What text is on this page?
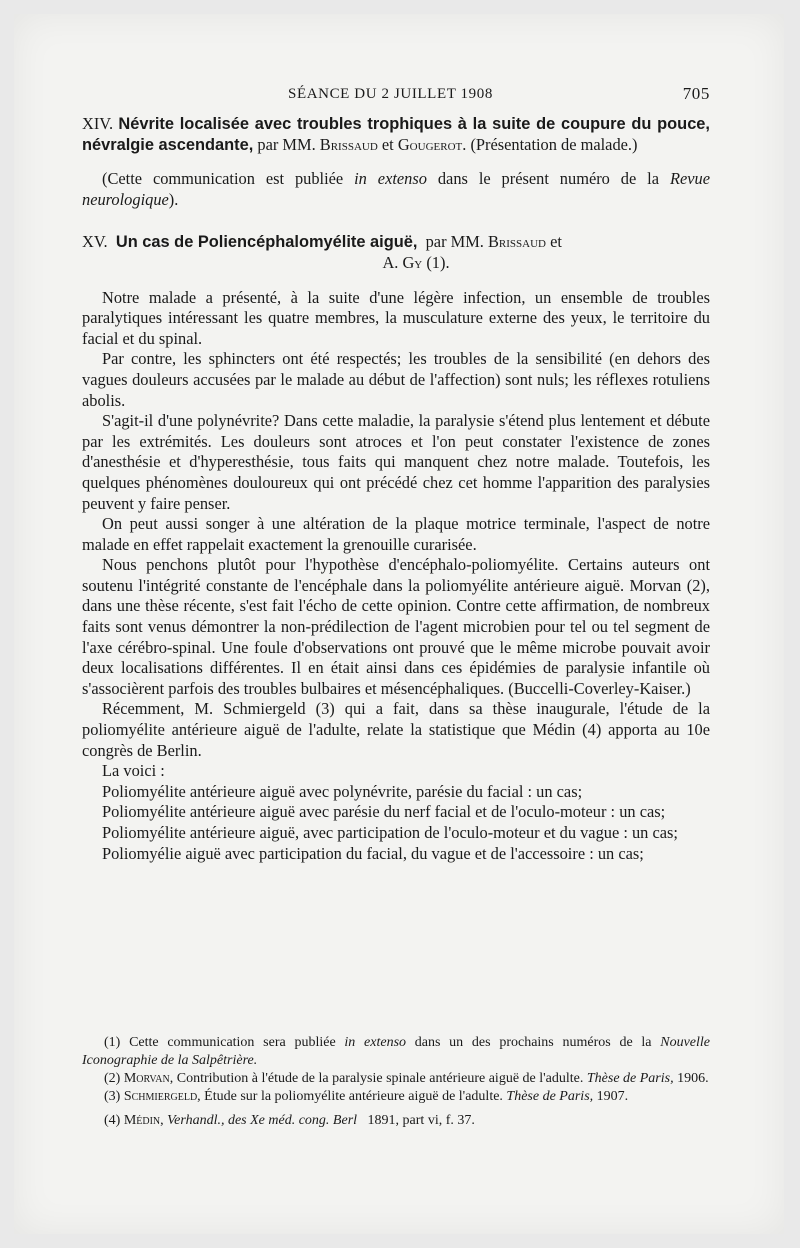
SÉANCE DU 2 JUILLET 1908	705

XIV. Névrite localisée avec troubles trophiques à la suite de coupure du pouce, névralgie ascendante, par MM. Brissaud et Gougerot. (Présentation de malade.)

(Cette communication est publiée in extenso dans le présent numéro de la Revue neurologique).

XV. Un cas de Poliencéphalomyélite aiguë, par MM. Brissaud et

A. Gy (1).

Notre malade a présenté, à la suite d'une légère infection, un ensemble de troubles paralytiques intéressant les quatre membres, la musculature externe des yeux, le territoire du facial et du spinal.

Par contre, les sphincters ont été respectés; les troubles de la sensibilité (en dehors des vagues douleurs accusées par le malade au début de l'affection) sont nuls; les réflexes rotuliens abolis.

S'agit-il d'une polynévrite? Dans cette maladie, la paralysie s'étend plus lentement et débute par les extrémités. Les douleurs sont atroces et l'on peut constater l'existence de zones d'anesthésie et d'hyperesthésie, tous faits qui manquent chez notre malade. Toutefois, les quelques phénomènes douloureux qui ont précédé chez cet homme l'apparition des paralysies peuvent y faire penser.

On peut aussi songer à une altération de la plaque motrice terminale, l'aspect de notre malade en effet rappelait exactement la grenouille curarisée.

Nous penchons plutôt pour l'hypothèse d'encéphalo-poliomyélite. Certains auteurs ont soutenu l'intégrité constante de l'encéphale dans la poliomyélite antérieure aiguë. Morvan (2), dans une thèse récente, s'est fait l'écho de cette opinion. Contre cette affirmation, de nombreux faits sont venus démontrer la non-prédilection de l'agent microbien pour tel ou tel segment de l'axe cérébro-spinal. Une foule d'observations ont prouvé que le même microbe pouvait avoir deux localisations différentes. Il en était ainsi dans ces épidémies de paralysie infantile où s'associèrent parfois des troubles bulbaires et mésencéphaliques. (Buccelli-Coverley-Kaiser.)

Récemment, M. Schmiergeld (3) qui a fait, dans sa thèse inaugurale, l'étude de la poliomyélite antérieure aiguë de l'adulte, relate la statistique que Médin (4) apporta au 10e congrès de Berlin.

La voici :

Poliomyélite antérieure aiguë avec polynévrite, parésie du facial : un cas;

Poliomyélite antérieure aiguë avec parésie du nerf facial et de l'oculo-moteur : un cas;

Poliomyélite antérieure aiguë, avec participation de l'oculo-moteur et du vague : un cas;

Poliomyélie aiguë avec participation du facial, du vague et de l'accessoire : un cas;

(1) Cette communication sera publiée in extenso dans un des prochains numéros de la Nouvelle Iconographie de la Salpêtrière.

(2) Morvan, Contribution à l'étude de la paralysie spinale antérieure aiguë de l'adulte. Thèse de Paris, 1906.

(3) Schmiergeld, Étude sur la poliomyélite antérieure aiguë de l'adulte. Thèse de Paris, 1907.

(4) Médin, Verhandl., des Xe méd. cong. Berl 1891, part vi, f. 37.
